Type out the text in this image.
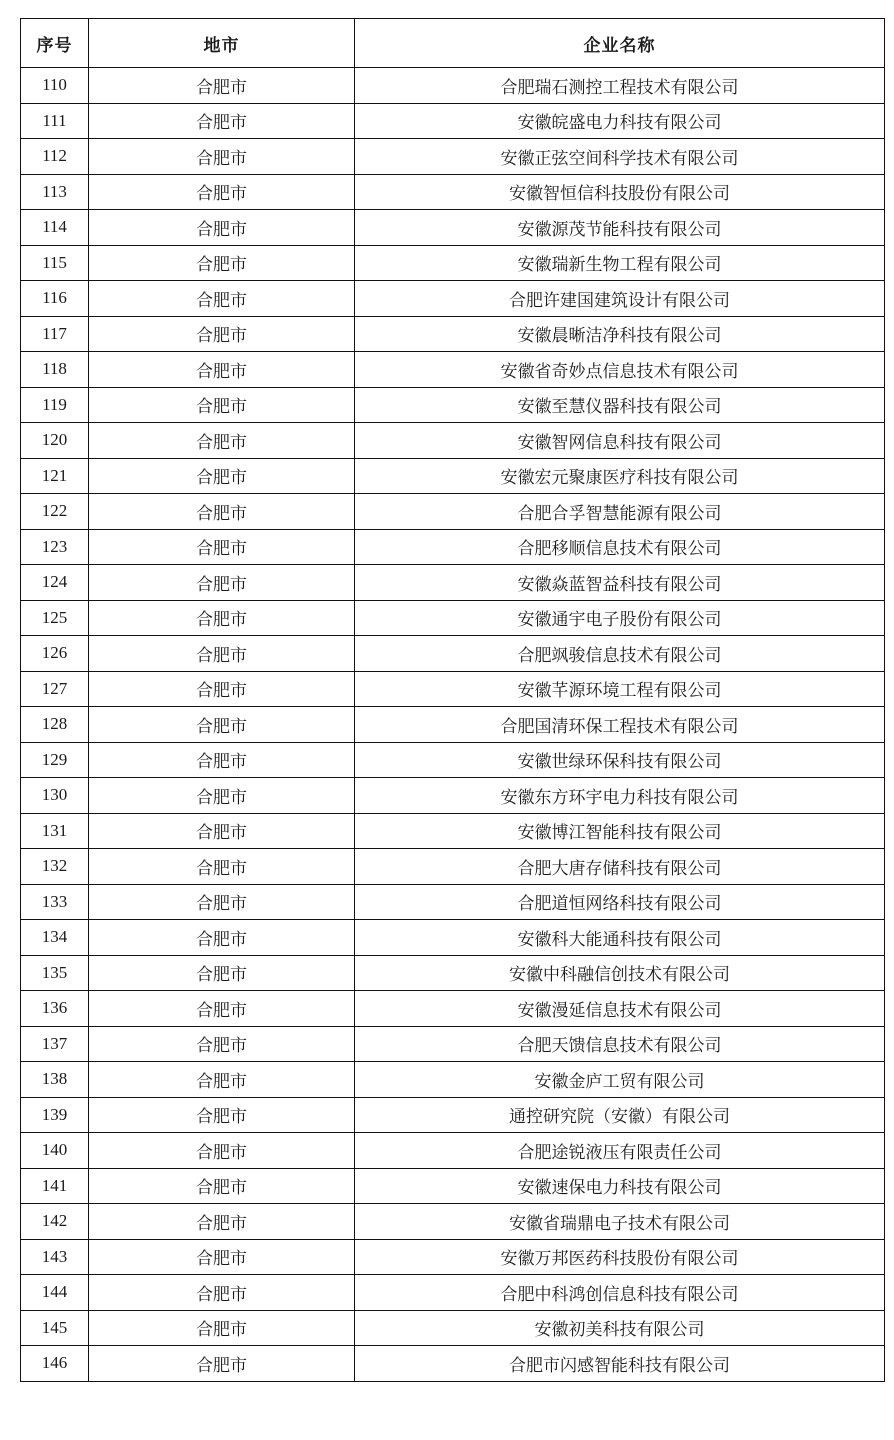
序号	地市	企业名称
110	合肥市	合肥瑞石测控工程技术有限公司
111	合肥市	安徽皖盛电力科技有限公司
112	合肥市	安徽正弦空间科学技术有限公司
113	合肥市	安徽智恒信科技股份有限公司
114	合肥市	安徽源茂节能科技有限公司
115	合肥市	安徽瑞新生物工程有限公司
116	合肥市	合肥许建国建筑设计有限公司
117	合肥市	安徽晨晰洁净科技有限公司
118	合肥市	安徽省奇妙点信息技术有限公司
119	合肥市	安徽至慧仪器科技有限公司
120	合肥市	安徽智网信息科技有限公司
121	合肥市	安徽宏元聚康医疗科技有限公司
122	合肥市	合肥合孚智慧能源有限公司
123	合肥市	合肥移顺信息技术有限公司
124	合肥市	安徽焱蓝智益科技有限公司
125	合肥市	安徽通宇电子股份有限公司
126	合肥市	合肥飒骏信息技术有限公司
127	合肥市	安徽芊源环境工程有限公司
128	合肥市	合肥国清环保工程技术有限公司
129	合肥市	安徽世绿环保科技有限公司
130	合肥市	安徽东方环宇电力科技有限公司
131	合肥市	安徽博江智能科技有限公司
132	合肥市	合肥大唐存储科技有限公司
133	合肥市	合肥道恒网络科技有限公司
134	合肥市	安徽科大能通科技有限公司
135	合肥市	安徽中科融信创技术有限公司
136	合肥市	安徽漫延信息技术有限公司
137	合肥市	合肥天馈信息技术有限公司
138	合肥市	安徽金庐工贸有限公司
139	合肥市	通控研究院（安徽）有限公司
140	合肥市	合肥途锐液压有限责任公司
141	合肥市	安徽速保电力科技有限公司
142	合肥市	安徽省瑞鼎电子技术有限公司
143	合肥市	安徽万邦医药科技股份有限公司
144	合肥市	合肥中科鸿创信息科技有限公司
145	合肥市	安徽初美科技有限公司
146	合肥市	合肥市闪感智能科技有限公司
